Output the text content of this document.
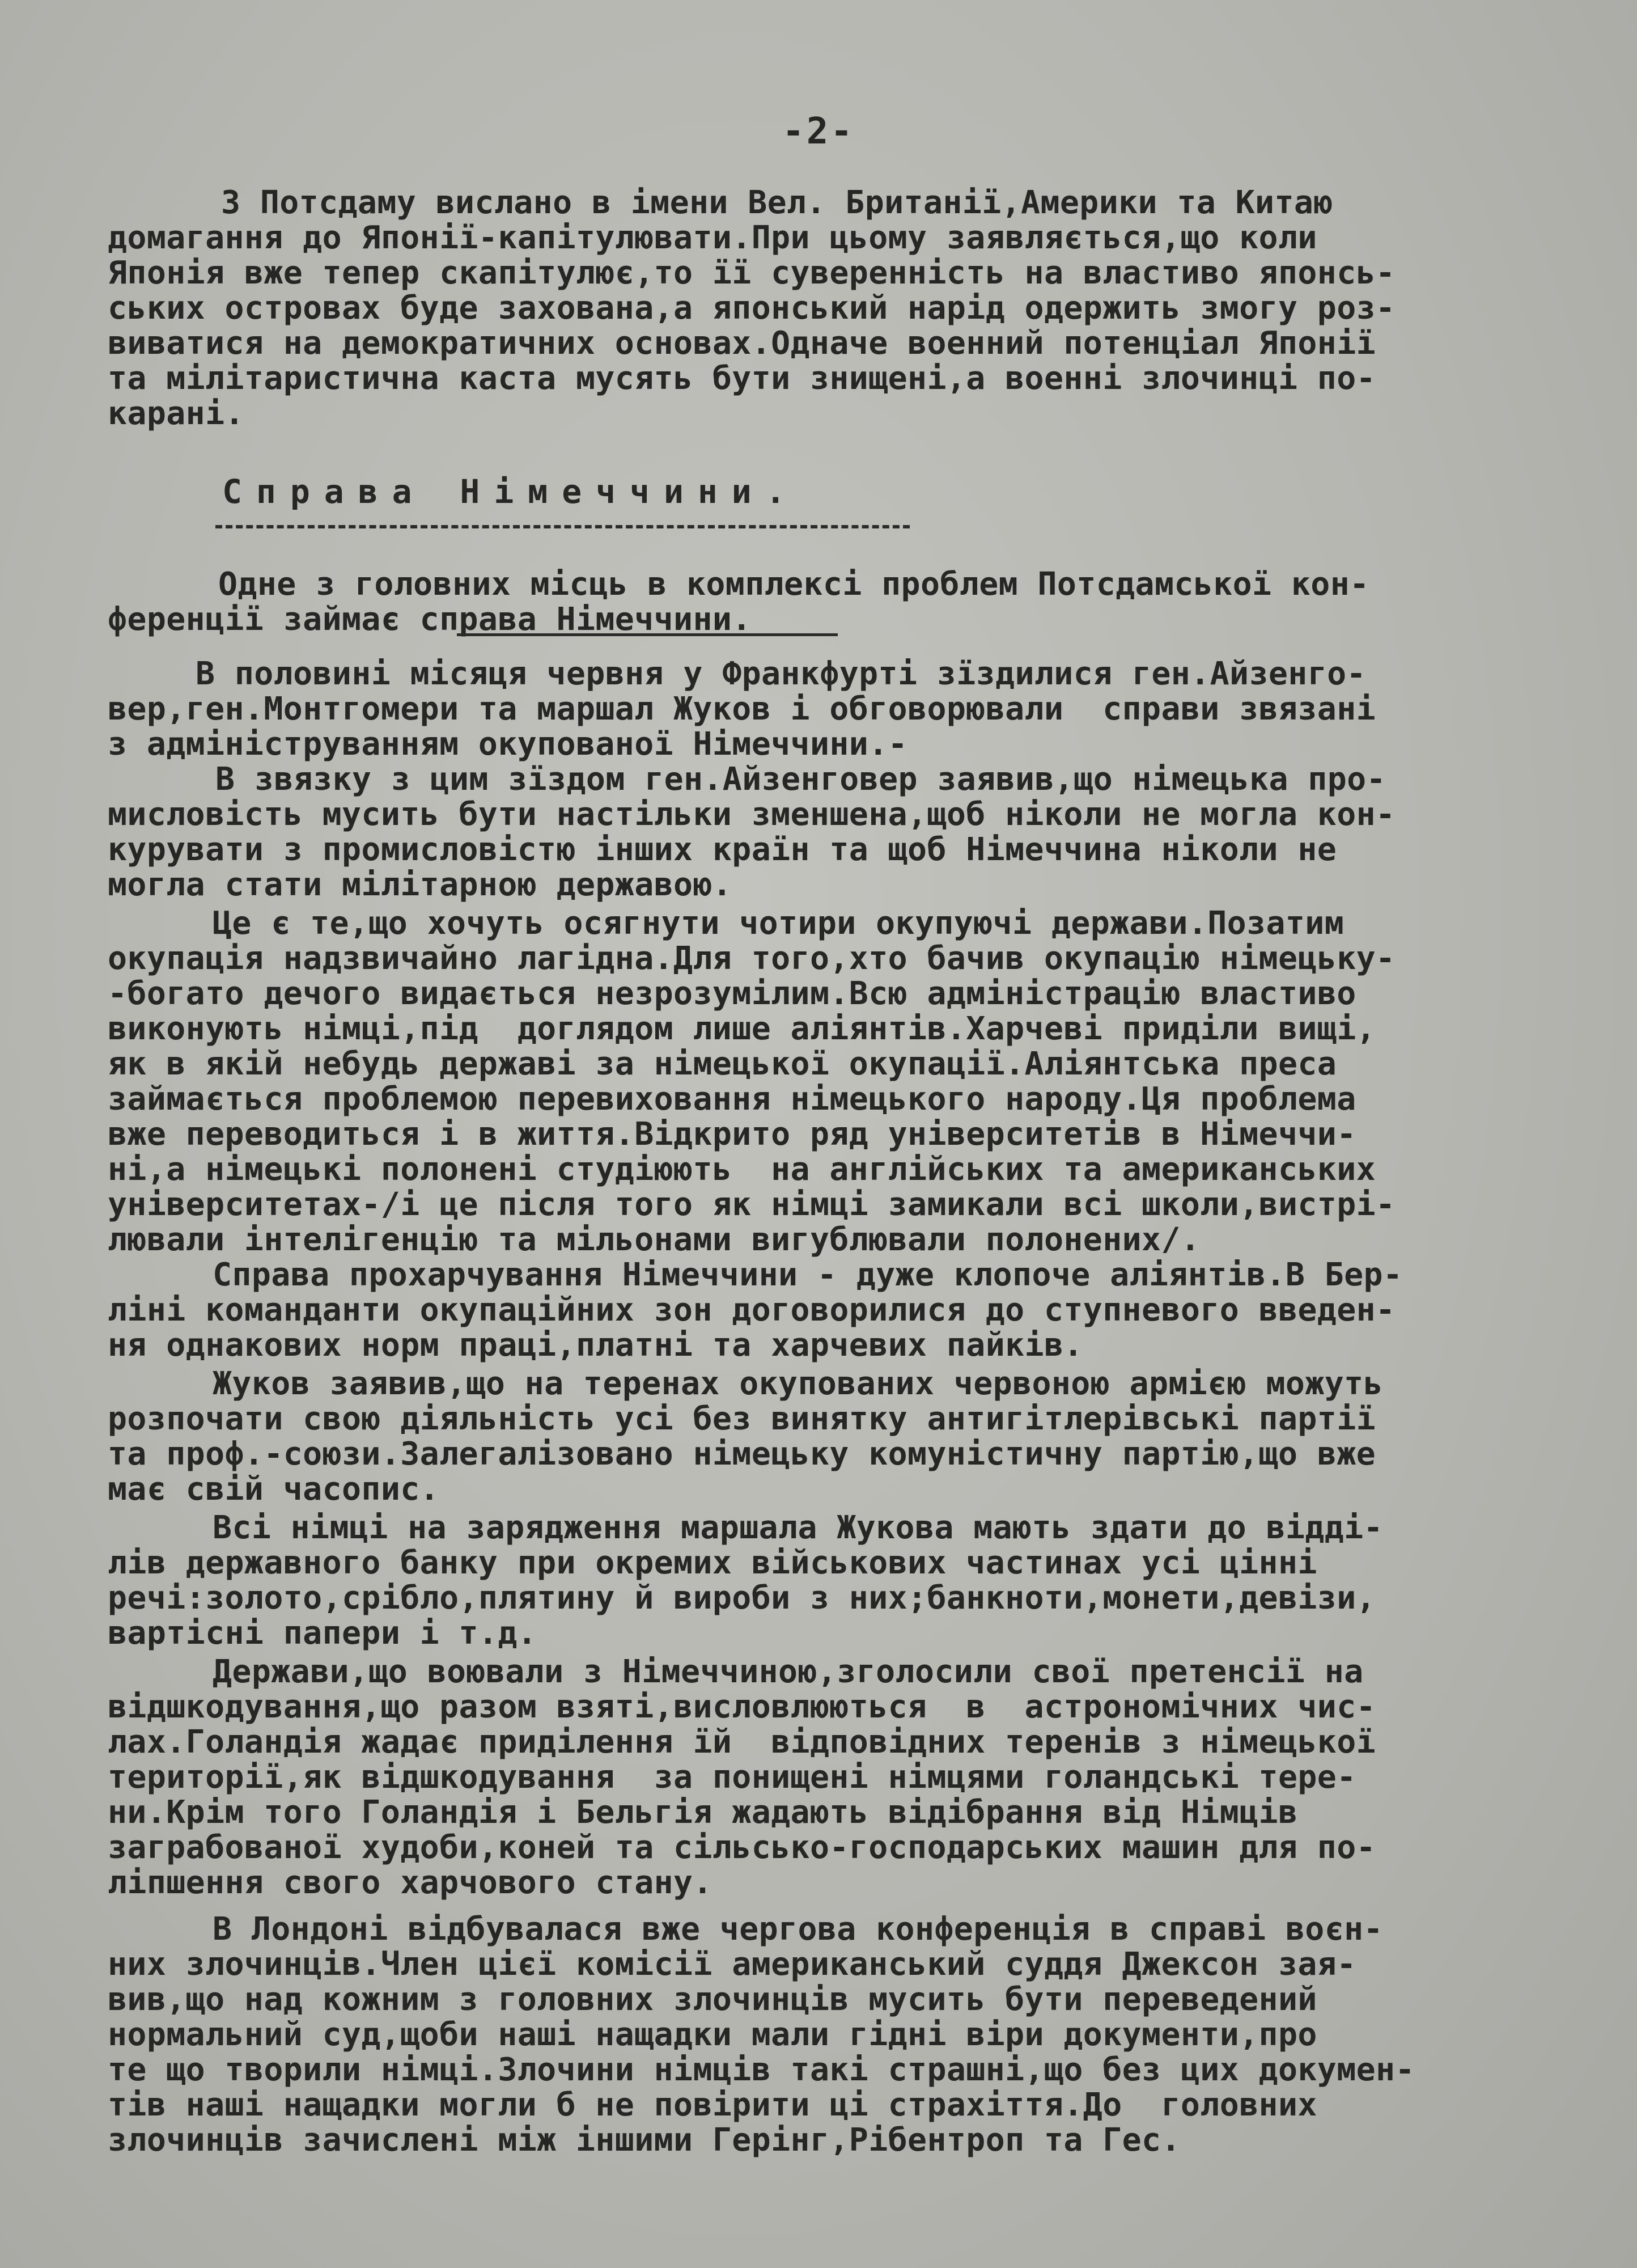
-2-
З Потсдаму вислано в імени Вел. Британії,Америки та Китаю
домагання до Японії-капітулювати.При цьому заявляється,що коли
Японія вже тепер скапітулює,то її суверенність на властиво японсь-
ських островах буде захована,а японський нарід одержить змогу роз-
виватися на демократичних основах.Одначе военний потенціал Японії
та мілітаристична каста мусять бути знищені,а военні злочинці по-
карані.
Справа Німеччини.
Одне з головних місць в комплексі проблем Потсдамської кон-
ференції займає справа Німеччини.
В половині місяця червня у Франкфурті зїздилися ген.Айзенго-
вер,ген.Монтгомери та маршал Жуков і обговорювали  справи звязані
з адмініструванням окупованої Німеччини.-
В звязку з цим зїздом ген.Айзенговер заявив,що німецька про-
мисловість мусить бути настільки зменшена,щоб ніколи не могла кон-
курувати з промисловістю інших країн та щоб Німеччина ніколи не
могла стати мілітарною державою.
Це є те,що хочуть осягнути чотири окупуючі держави.Позатим
окупація надзвичайно лагідна.Для того,хто бачив окупацію німецьку-
-богато дечого видається незрозумілим.Всю адміністрацію властиво
виконують німці,під  доглядом лише аліянтів.Харчеві приділи вищі,
як в якій небудь державі за німецької окупації.Аліянтська преса
займається проблемою перевиховання німецького народу.Ця проблема
вже переводиться і в життя.Відкрито ряд університетів в Німеччи-
ні,а німецькі полонені студіюють  на англійських та американських
університетах-/і це після того як німці замикали всі школи,вистрі-
лювали інтелігенцію та мільонами вигублювали полонених/.
Справа прохарчування Німеччини - дуже клопоче аліянтів.В Бер-
ліні команданти окупаційних зон договорилися до ступневого введен-
ня однакових норм праці,платні та харчевих пайків.
Жуков заявив,що на теренах окупованих червоною армією можуть
розпочати свою діяльність усі без винятку антигітлерівські партії
та проф.-союзи.Залегалізовано німецьку комуністичну партію,що вже
має свій часопис.
Всі німці на зарядження маршала Жукова мають здати до відді-
лів державного банку при окремих військових частинах усі цінні
речі:золото,срібло,плятину й вироби з них;банкноти,монети,девізи,
вартісні папери і т.д.
Держави,що воювали з Німеччиною,зголосили свої претенсії на
відшкодування,що разом взяті,висловлюються  в  астрономічних чис-
лах.Голандія жадає приділення їй  відповідних теренів з німецької
території,як відшкодування  за понищені німцями голандські тере-
ни.Крім того Голандія і Бельгія жадають відібрання від Німців
заграбованої худоби,коней та сільсько-господарських машин для по-
ліпшення свого харчового стану.
В Лондоні відбувалася вже чергова конференція в справі воєн-
них злочинців.Член цієї комісії американський суддя Джексон зая-
вив,що над кожним з головних злочинців мусить бути переведений
нормальний суд,щоби наші нащадки мали гідні віри документи,про
те що творили німці.Злочини німців такі страшні,що без цих докумен-
тів наші нащадки могли б не повірити ці страхіття.До  головних
злочинців зачислені між іншими Герінг,Рібентроп та Гес.
